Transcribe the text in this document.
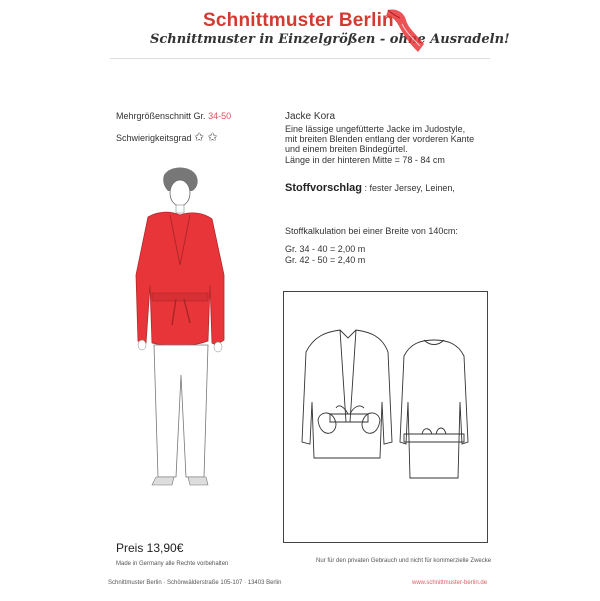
Schnittmuster Berlin
Schnittmuster in Einzelgrößen - ohne Ausradeln!
Mehrgrößenschnitt Gr. 34-50
Schwierigkeitsgrad ✩ ✩
Preis 13,90€
Jacke Kora
Eine lässige ungefütterte Jacke im Judostyle,
mit breiten Blenden entlang der vorderen Kante
und einem breiten Bindegürtel.
Länge in der hinteren Mitte = 78 - 84 cm
Stoffvorschlag : fester Jersey, Leinen,
Stoffkalkulation bei einer Breite von 140cm:
Gr. 34 - 40 = 2,00 m
Gr. 42 - 50 = 2,40 m
Made in Germany alle Rechte vorbehalten	Nur für den privaten Gebrauch und nicht für kommerzielle Zwecke
Schnittmuster Berlin · Schönwälderstraße 105-107 · 13403 Berlin	www.schnittmuster-berlin.de
